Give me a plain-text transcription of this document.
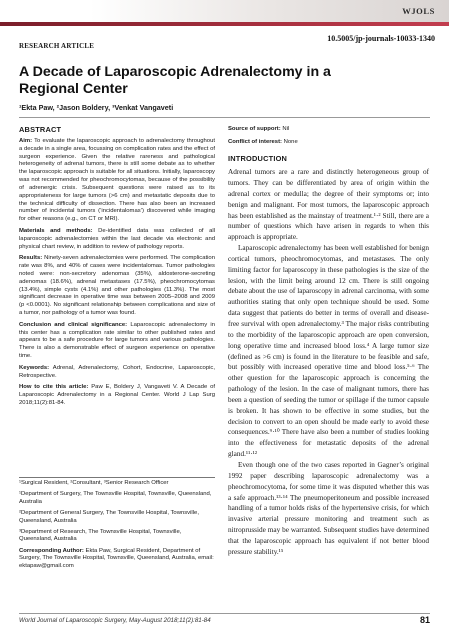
WJOLS
10.5005/jp-journals-10033-1340
RESEARCH ARTICLE
A Decade of Laparoscopic Adrenalectomy in a Regional Center
¹Ekta Paw, ²Jason Boldery, ³Venkat Vangaveti
ABSTRACT

Aim: To evaluate the laparoscopic approach to adrenalectomy throughout a decade in a single area, focussing on complication rates and the effect of surgeon experience. Given the relative rareness and pathological heterogeneity of adrenal tumors, there is still some debate as to whether the laparoscopic approach is suitable for all situations. Initially, laparoscopy was not recommended for pheochromocytomas, because of the possibility of adrenergic crisis. Subsequent questions were raised as to its appropriateness for large tumors (>6 cm) and metastatic deposits due to the technical difficulty of dissection. There has also been an increased number of incidental tumors (‘incidentalomas’) discovered while imaging for other reasons (e.g., on CT or MRI).

Materials and methods: De-identified data was collected of all laparoscopic adrenalectomies within the last decade via electronic and physical chart review, in addition to review of pathology reports.

Results: Ninety-seven adrenalectomies were performed. The complication rate was 8%, and 40% of cases were incidentalomas. Tumor pathologies noted were: non-secretory adenomas (35%), aldosterone-secreting adenomas (18.6%), adrenal metastases (17.5%), pheochromocytomas (13.4%), simple cysts (4.1%) and other pathologies (11.3%). The most significant decrease in operative time was between 2005–2008 and 2009 (p <0.0001). No significant relationship between complications and size of a tumor, nor pathology of a tumor was found.

Conclusion and clinical significance: Laparoscopic adrenalectomy in this center has a complication rate similar to other published rates and appears to be a safe procedure for large tumors and various pathologies. There is also a demonstrable effect of surgeon experience on operative time.

Keywords: Adrenal, Adrenalectomy, Cohort, Endocrine, Laparoscopic, Retrospective.

How to cite this article: Paw E, Boldery J, Vangaveti V. A Decade of Laparoscopic Adrenalectomy in a Regional Center. World J Lap Surg 2018;11(2):81-84.

¹Surgical Resident, ²Consultant, ³Senior Research Officer

¹Department of Surgery, The Townsville Hospital, Townsville, Queensland, Australia

²Department of General Surgery, The Townsville Hospital, Townsville, Queensland, Australia

³Department of Research, The Townsville Hospital, Townsville, Queensland, Australia

Corresponding Author: Ekta Paw, Surgical Resident, Department of Surgery, The Townsville Hospital, Townsville, Queensland, Australia, email: ektapaw@gmail.com

Source of support: Nil

Conflict of interest: None

INTRODUCTION

Adrenal tumors are a rare and distinctly heterogeneous group of tumors. They can be differentiated by area of origin within the adrenal cortex or medulla; the degree of their symptoms or; into benign and malignant. For most tumors, the laparoscopic approach has been established as the mainstay of treatment.¹·² Still, there are a number of questions which have arisen in regards to when this approach is appropriate.

Laparoscopic adrenalectomy has been well established for benign cortical tumors, pheochromocytomas, and metastases. The only limiting factor for laparoscopy in these pathologies is the size of the lesion, with the limit being around 12 cm. There is still ongoing debate about the use of laparoscopy in adrenal carcinoma, with some authorities stating that only open technique should be used. Some data suggest that patients do better in terms of overall and disease-free survival with open adrenalectomy.³ The major risks contributing to the morbidity of the laparoscopic approach are open conversion, long operative time and increased blood loss.⁴ A large tumor size (defined as >6 cm) is found in the literature to be feasible and safe, but possibly with increased operative time and blood loss.⁵·⁶ The other question for the laparoscopic approach is concerning the pathology of the lesion. In the case of malignant tumors, there has been a question of seeding the tumor or spillage if the tumor capsule is broken. It has shown to be effective in some studies, but the decision to convert to an open should be made early to avoid these consequences.⁹·¹⁰ There have also been a number of studies looking into the effectiveness for metastatic deposits of the adrenal gland.¹¹·¹²

Even though one of the two cases reported in Gagner’s original 1992 paper describing laparoscopic adrenalectomy was a pheochromocytoma, for some time it was disputed whether this was a safe approach.¹³·¹⁴ The pneumoperitoneum and possible increased handling of a tumor holds risks of the hypertensive crisis, for which invasive arterial pressure monitoring and treatment such as nitroprusside may be warranted. Subsequent studies have determined that the laparoscopic approach has equivalent if not better blood pressure stability.¹⁵

World Journal of Laparoscopic Surgery, May-August 2018;11(2):81-84	81
